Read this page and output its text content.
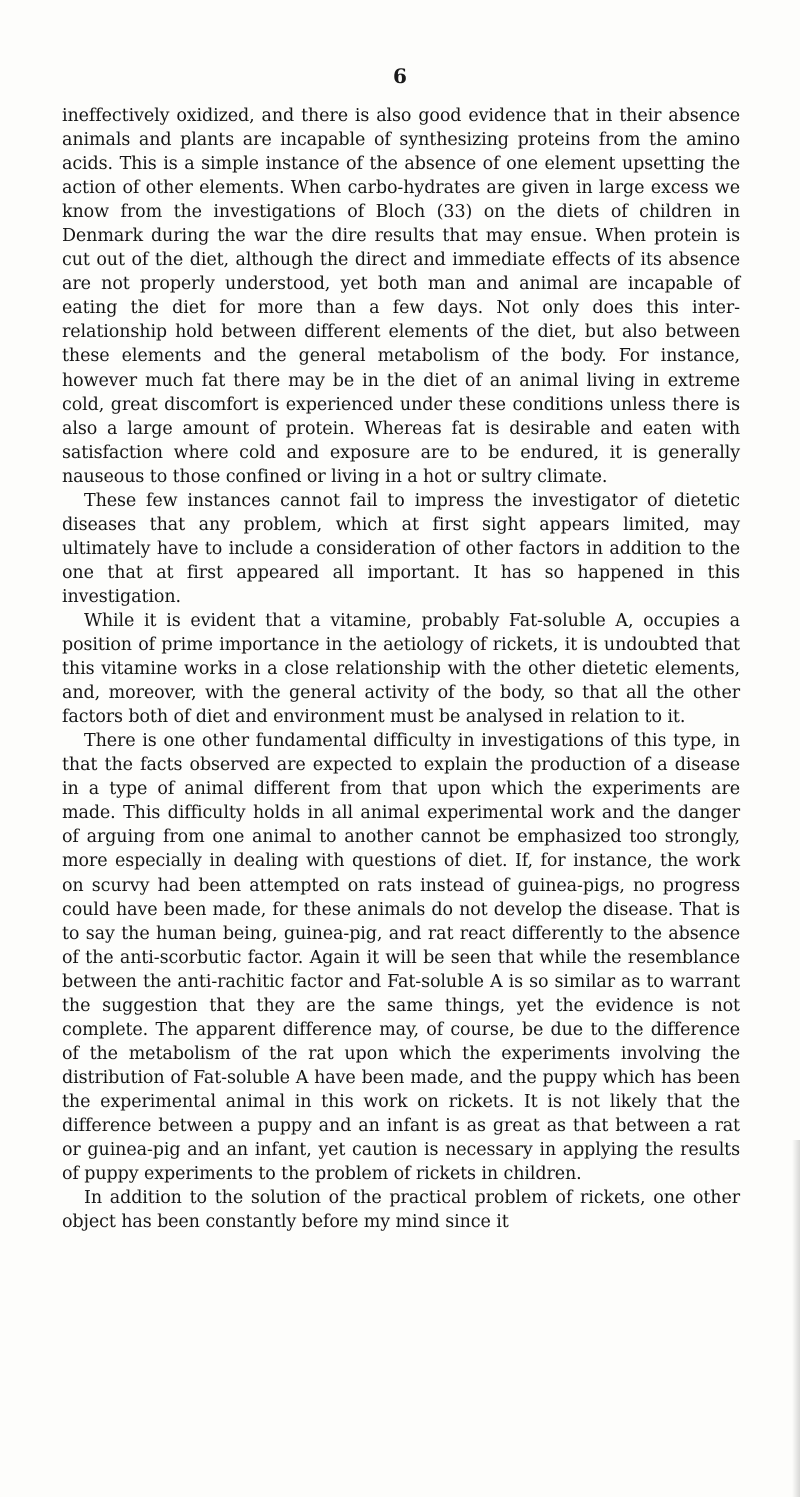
6

ineffectively oxidized, and there is also good evidence that in their absence animals and plants are incapable of synthesizing proteins from the amino acids. This is a simple instance of the absence of one element upsetting the action of other elements. When carbo-hydrates are given in large excess we know from the investigations of Bloch (33) on the diets of children in Denmark during the war the dire results that may ensue. When protein is cut out of the diet, although the direct and immediate effects of its absence are not properly understood, yet both man and animal are incapable of eating the diet for more than a few days. Not only does this inter-relationship hold between different elements of the diet, but also between these elements and the general metabolism of the body. For instance, however much fat there may be in the diet of an animal living in extreme cold, great discomfort is experienced under these conditions unless there is also a large amount of protein. Whereas fat is desirable and eaten with satisfaction where cold and exposure are to be endured, it is generally nauseous to those confined or living in a hot or sultry climate.

These few instances cannot fail to impress the investigator of dietetic diseases that any problem, which at first sight appears limited, may ultimately have to include a consideration of other factors in addition to the one that at first appeared all important. It has so happened in this investigation.

While it is evident that a vitamine, probably Fat-soluble A, occupies a position of prime importance in the aetiology of rickets, it is undoubted that this vitamine works in a close relationship with the other dietetic elements, and, moreover, with the general activity of the body, so that all the other factors both of diet and environment must be analysed in relation to it.

There is one other fundamental difficulty in investigations of this type, in that the facts observed are expected to explain the production of a disease in a type of animal different from that upon which the experiments are made. This difficulty holds in all animal experimental work and the danger of arguing from one animal to another cannot be emphasized too strongly, more especially in dealing with questions of diet. If, for instance, the work on scurvy had been attempted on rats instead of guinea-pigs, no progress could have been made, for these animals do not develop the disease. That is to say the human being, guinea-pig, and rat react differently to the absence of the anti-scorbutic factor. Again it will be seen that while the resemblance between the anti-rachitic factor and Fat-soluble A is so similar as to warrant the suggestion that they are the same things, yet the evidence is not complete. The apparent difference may, of course, be due to the difference of the metabolism of the rat upon which the experiments involving the distribution of Fat-soluble A have been made, and the puppy which has been the experimental animal in this work on rickets. It is not likely that the difference between a puppy and an infant is as great as that between a rat or guinea-pig and an infant, yet caution is necessary in applying the results of puppy experiments to the problem of rickets in children.

In addition to the solution of the practical problem of rickets, one other object has been constantly before my mind since it
